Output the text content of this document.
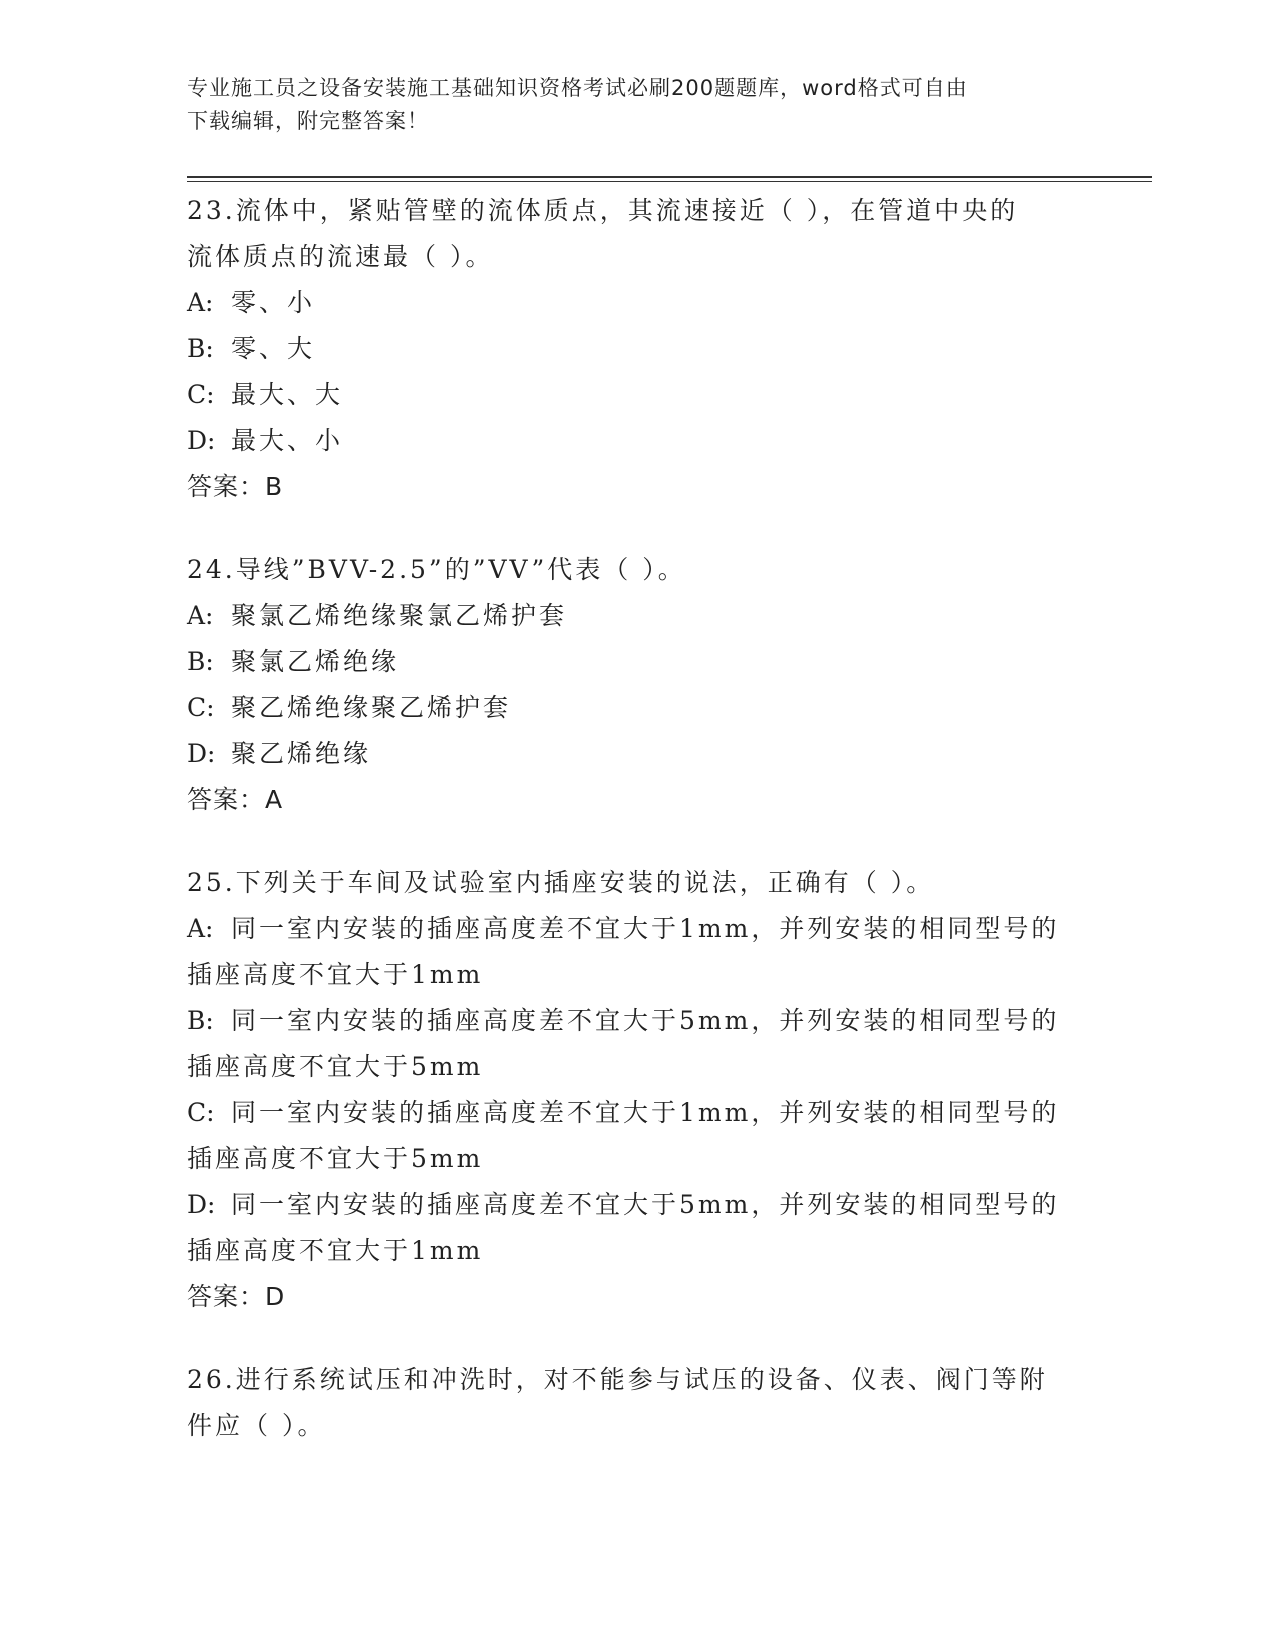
专业施工员之设备安装施工基础知识资格考试必刷200题题库，word格式可自由
下载编辑，附完整答案！
23.流体中，紧贴管壁的流体质点，其流速接近（ ），在管道中央的
流体质点的流速最（ ）。
A: 零、小
B: 零、大
C: 最大、大
D: 最大、小
答案：B
24.导线”BVV-2.5”的”VV”代表（ ）。
A: 聚氯乙烯绝缘聚氯乙烯护套
B: 聚氯乙烯绝缘
C: 聚乙烯绝缘聚乙烯护套
D: 聚乙烯绝缘
答案：A
25.下列关于车间及试验室内插座安装的说法，正确有（ ）。
A: 同一室内安装的插座高度差不宜大于1mm，并列安装的相同型号的
插座高度不宜大于1mm
B: 同一室内安装的插座高度差不宜大于5mm，并列安装的相同型号的
插座高度不宜大于5mm
C: 同一室内安装的插座高度差不宜大于1mm，并列安装的相同型号的
插座高度不宜大于5mm
D: 同一室内安装的插座高度差不宜大于5mm，并列安装的相同型号的
插座高度不宜大于1mm
答案：D
26.进行系统试压和冲洗时，对不能参与试压的设备、仪表、阀门等附
件应（ ）。
